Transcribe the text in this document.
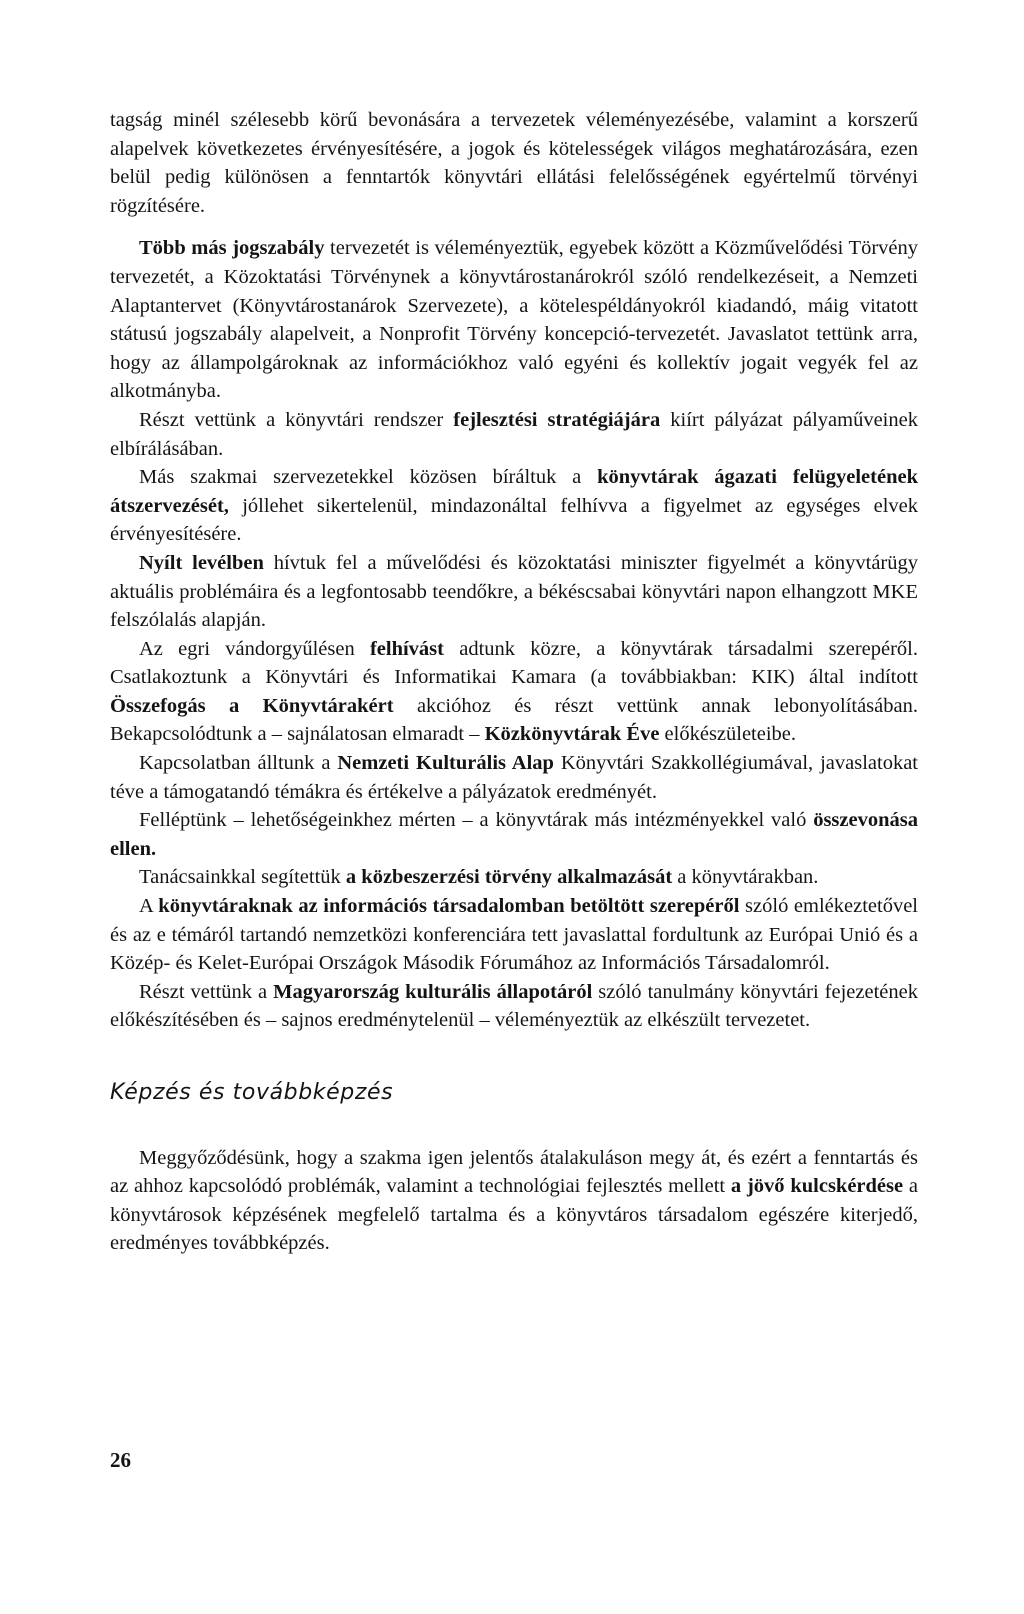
tagság minél szélesebb körű bevonására a tervezetek véleményezésébe, valamint a korszerű alapelvek következetes érvényesítésére, a jogok és kötelességek világos meghatározására, ezen belül pedig különösen a fenntartók könyvtári ellátási felelősségének egyértelmű törvényi rögzítésére.

Több más jogszabály tervezetét is véleményeztük, egyebek között a Közművelődési Törvény tervezetét, a Közoktatási Törvénynek a könyvtárostanárokról szóló rendelkezéseit, a Nemzeti Alaptantervet (Könyvtárostanárok Szervezete), a kötelespéldányokról kiadandó, máig vitatott státusú jogszabály alapelveit, a Nonprofit Törvény koncepció-tervezetét. Javaslatot tettünk arra, hogy az állampolgároknak az információkhoz való egyéni és kollektív jogait vegyék fel az alkotmányba.

Részt vettünk a könyvtári rendszer fejlesztési stratégiájára kiírt pályázat pályaműveinek elbírálásában.

Más szakmai szervezetekkel közösen bíráltuk a könyvtárak ágazati felügyeletének átszervezését, jóllehet sikertelenül, mindazonáltal felhívva a figyelmet az egységes elvek érvényesítésére.

Nyílt levélben hívtuk fel a művelődési és közoktatási miniszter figyelmét a könyvtárügy aktuális problémáira és a legfontosabb teendőkre, a békéscsabai könyvtári napon elhangzott MKE felszólalás alapján.

Az egri vándorgyűlésen felhívást adtunk közre, a könyvtárak társadalmi szerepéről. Csatlakoztunk a Könyvtári és Informatikai Kamara (a továbbiakban: KIK) által indított Összefogás a Könyvtárakért akcióhoz és részt vettünk annak lebonyolításában. Bekapcsolódtunk a – sajnálatosan elmaradt – Közkönyvtárak Éve előkészületeibe.

Kapcsolatban álltunk a Nemzeti Kulturális Alap Könyvtári Szakkollégiumával, javaslatokat téve a támogatandó témákra és értékelve a pályázatok eredményét.

Felléptünk – lehetőségeinkhez mérten – a könyvtárak más intézményekkel való összevonása ellen.

Tanácsainkkal segítettük a közbeszerzési törvény alkalmazását a könyvtárakban.

A könyvtáraknak az információs társadalomban betöltött szerepéről szóló emlékeztetővel és az e témáról tartandó nemzetközi konferenciára tett javaslattal fordultunk az Európai Unió és a Közép- és Kelet-Európai Országok Második Fórumához az Információs Társadalomról.

Részt vettünk a Magyarország kulturális állapotáról szóló tanulmány könyvtári fejezetének előkészítésében és – sajnos eredménytelenül – véleményeztük az elkészült tervezetet.

Képzés és továbbképzés

Meggyőződésünk, hogy a szakma igen jelentős átalakuláson megy át, és ezért a fenntartás és az ahhoz kapcsolódó problémák, valamint a technológiai fejlesztés mellett a jövő kulcskérdése a könyvtárosok képzésének megfelelő tartalma és a könyvtáros társadalom egészére kiterjedő, eredményes továbbképzés.

26
